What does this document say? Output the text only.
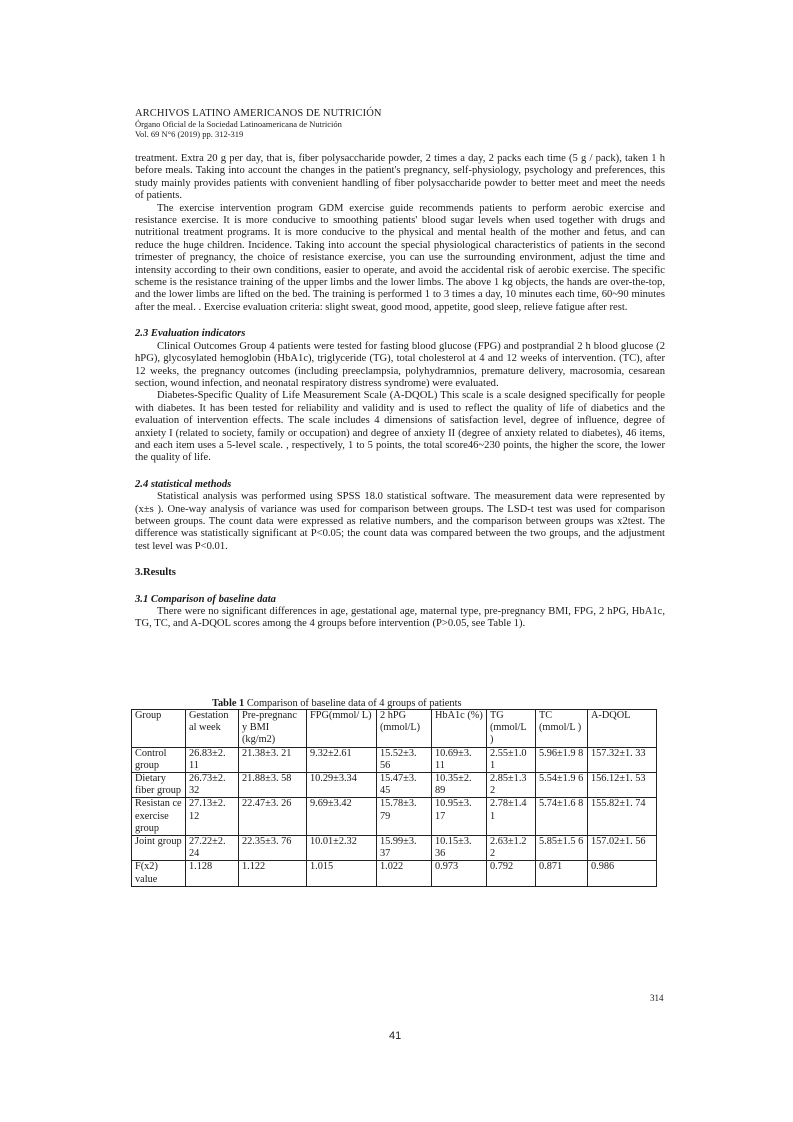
ARCHIVOS LATINO AMERICANOS DE NUTRICIÓN
Órgano Oficial de la Sociedad Latinoamericana de Nutrición
Vol. 69 N°6 (2019) pp. 312-319

treatment. Extra 20 g per day, that is, fiber polysaccharide powder, 2 times a day, 2 packs each time (5 g / pack), taken 1 h before meals. Taking into account the changes in the patient's pregnancy, self-physiology, psychology and preferences, this study mainly provides patients with convenient handling of fiber polysaccharide powder to better meet and meet the needs of patients.

The exercise intervention program GDM exercise guide recommends patients to perform aerobic exercise and resistance exercise. It is more conducive to smoothing patients' blood sugar levels when used together with drugs and nutritional treatment programs. It is more conducive to the physical and mental health of the mother and fetus, and can reduce the huge children. Incidence. Taking into account the special physiological characteristics of patients in the second trimester of pregnancy, the choice of resistance exercise, you can use the surrounding environment, adjust the time and intensity according to their own conditions, easier to operate, and avoid the accidental risk of aerobic exercise. The specific scheme is the resistance training of the upper limbs and the lower limbs. The above 1 kg objects, the hands are over-the-top, and the lower limbs are lifted on the bed. The training is performed 1 to 3 times a day, 10 minutes each time, 60~90 minutes after the meal. . Exercise evaluation criteria: slight sweat, good mood, appetite, good sleep, relieve fatigue after rest.

2.3 Evaluation indicators

Clinical Outcomes Group 4 patients were tested for fasting blood glucose (FPG) and postprandial 2 h blood glucose (2 hPG), glycosylated hemoglobin (HbA1c), triglyceride (TG), total cholesterol at 4 and 12 weeks of intervention. (TC), after 12 weeks, the pregnancy outcomes (including preeclampsia, polyhydramnios, premature delivery, macrosomia, cesarean section, wound infection, and neonatal respiratory distress syndrome) were evaluated.

Diabetes-Specific Quality of Life Measurement Scale (A-DQOL) This scale is a scale designed specifically for people with diabetes. It has been tested for reliability and validity and is used to reflect the quality of life of diabetics and the evaluation of intervention effects. The scale includes 4 dimensions of satisfaction level, degree of influence, degree of anxiety I (related to society, family or occupation) and degree of anxiety II (degree of anxiety related to diabetes), 46 items, and each item uses a 5-level scale. , respectively, 1 to 5 points, the total score46~230 points, the higher the score, the lower the quality of life.

2.4 statistical methods

Statistical analysis was performed using SPSS 18.0 statistical software. The measurement data were represented by (x±s ). One-way analysis of variance was used for comparison between groups. The LSD-t test was used for comparison between groups. The count data were expressed as relative numbers, and the comparison between groups was x2test. The difference was statistically significant at P<0.05; the count data was compared between the two groups, and the adjustment test level was P<0.01.

3.Results

3.1 Comparison of baseline data

There were no significant differences in age, gestational age, maternal type, pre-pregnancy BMI, FPG, 2 hPG, HbA1c, TG, TC, and A-DQOL scores among the 4 groups before intervention (P>0.05, see Table 1).

Table 1 Comparison of baseline data of 4 groups of patients
Group	Gestation al week	Pre-pregnanc y BMI (kg/m2)	FPG(mmol/ L)	2 hPG (mmol/L)	HbA1c (%)	TG (mmol/L )	TC (mmol/L )	A-DQOL
Control group	26.83±2. 11	21.38±3. 21	9.32±2.61	15.52±3. 56	10.69±3. 11	2.55±1.0 1	5.96±1.9 8	157.32±1. 33
Dietary fiber group	26.73±2. 32	21.88±3. 58	10.29±3.34	15.47±3. 45	10.35±2. 89	2.85±1.3 2	5.54±1.9 6	156.12±1. 53
Resistan ce exercise group	27.13±2. 12	22.47±3. 26	9.69±3.42	15.78±3. 79	10.95±3. 17	2.78±1.4 1	5.74±1.6 8	155.82±1. 74
Joint group	27.22±2. 24	22.35±3. 76	10.01±2.32	15.99±3. 37	10.15±3. 36	2.63±1.2 2	5.85±1.5 6	157.02±1. 56
F(x2) value	1.128	1.122	1.015	1.022	0.973	0.792	0.871	0.986
314
41
